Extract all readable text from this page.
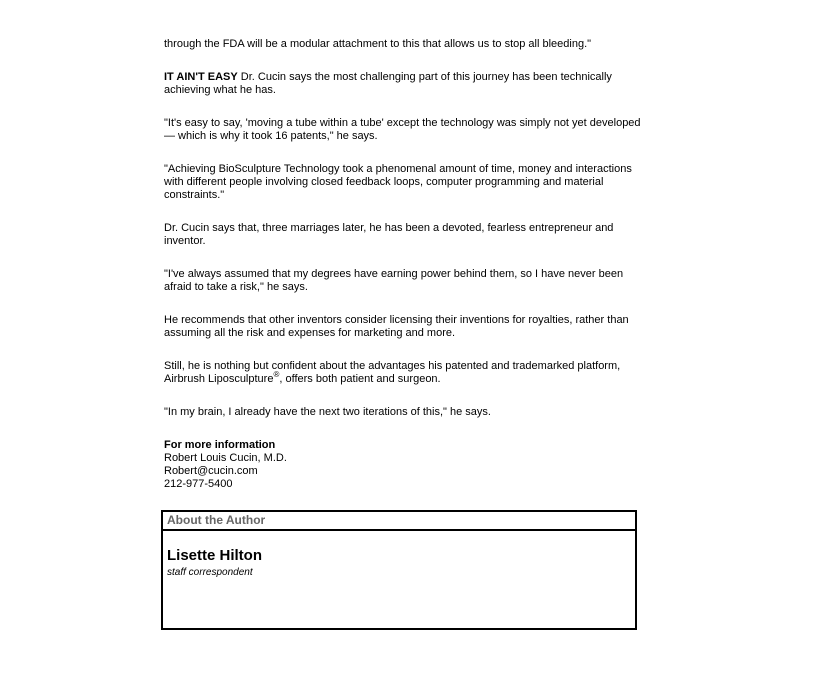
through the FDA will be a modular attachment to this that allows us to stop all bleeding."

IT AIN'T EASY Dr. Cucin says the most challenging part of this journey has been technically achieving what he has.

"It's easy to say, 'moving a tube within a tube' except the technology was simply not yet developed — which is why it took 16 patents," he says.

"Achieving BioSculpture Technology took a phenomenal amount of time, money and interactions with different people involving closed feedback loops, computer programming and material constraints."

Dr. Cucin says that, three marriages later, he has been a devoted, fearless entrepreneur and inventor.

"I've always assumed that my degrees have earning power behind them, so I have never been afraid to take a risk," he says.

He recommends that other inventors consider licensing their inventions for royalties, rather than assuming all the risk and expenses for marketing and more.

Still, he is nothing but confident about the advantages his patented and trademarked platform, Airbrush Liposculpture®, offers both patient and surgeon.

"In my brain, I already have the next two iterations of this," he says.

For more information
Robert Louis Cucin, M.D.
Robert@cucin.com
212-977-5400
About the Author
Lisette Hilton
staff correspondent
